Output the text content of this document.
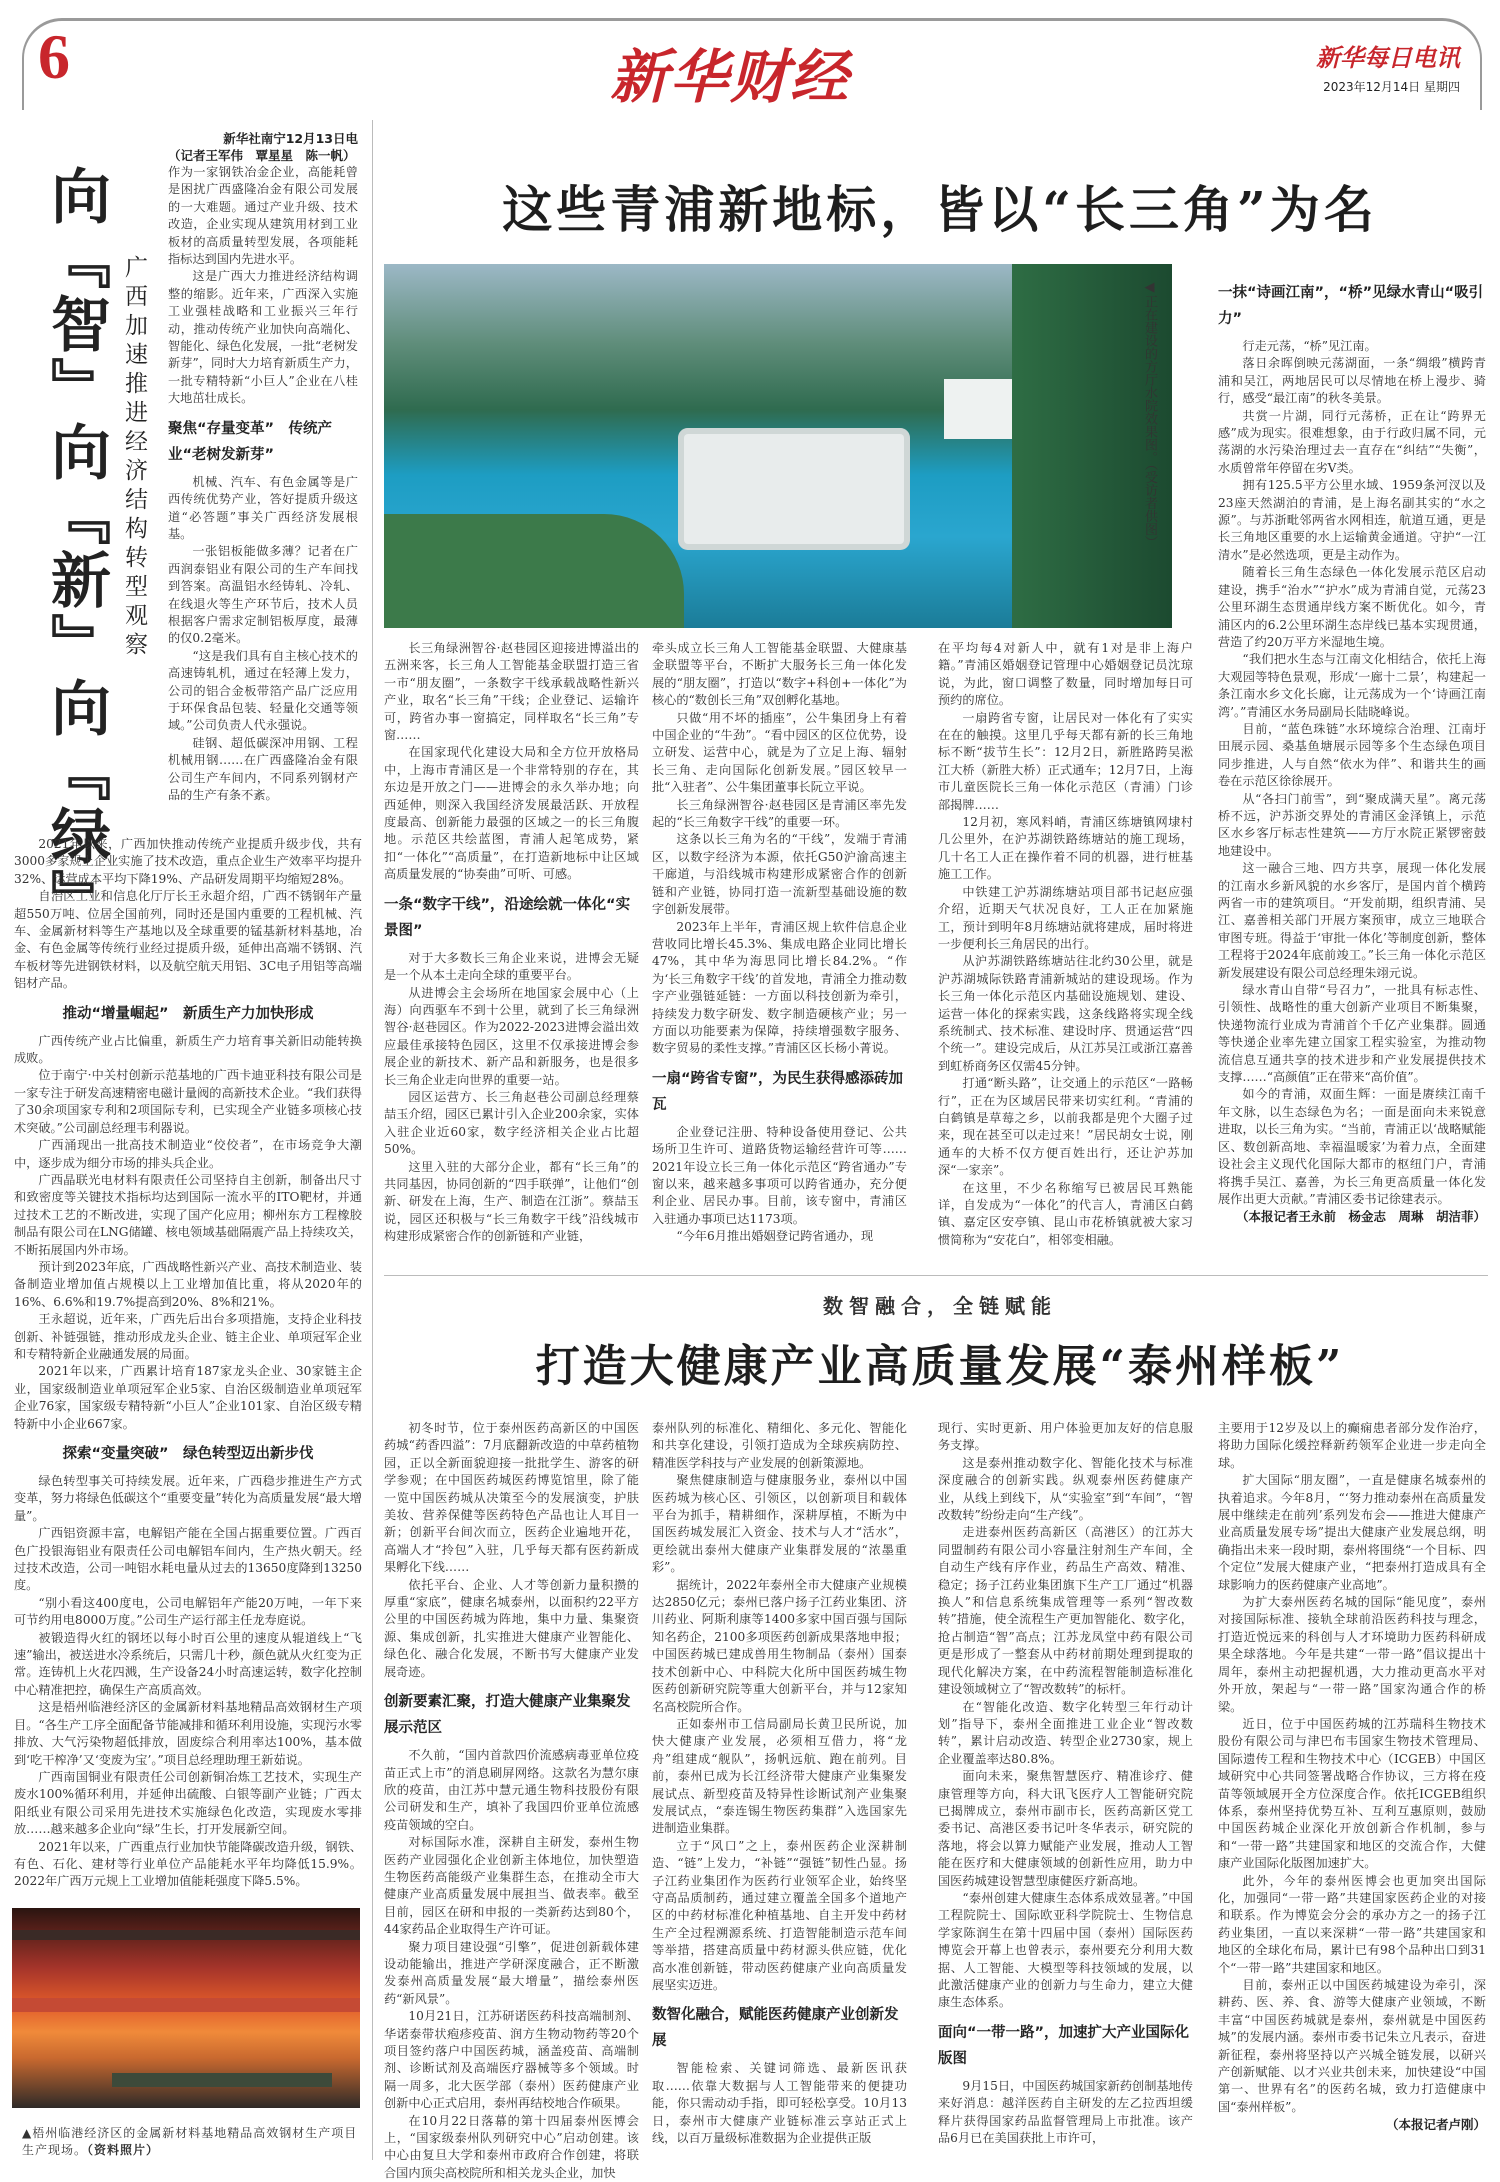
6	新华财经	新华每日电讯
2023年12月14日 星期四
向『智』向『新』向『绿』 广西加速推进经济结构转型观察
新华社南宁12月13日电
（记者王军伟　覃星星　陈一帆）

作为一家钢铁冶金企业，高能耗曾是困扰广西盛隆冶金有限公司发展的一大难题。通过产业升级、技术改造，企业实现从建筑用材到工业板材的高质量转型发展，各项能耗指标达到国内先进水平。

这是广西大力推进经济结构调整的缩影。近年来，广西深入实施工业强桂战略和工业振兴三年行动，推动传统产业加快向高端化、智能化、绿色化发展，一批“老树发新芽”，同时大力培育新质生产力，一批专精特新“小巨人”企业在八桂大地茁壮成长。

聚焦“存量变革”　传统产业“老树发新芽”

机械、汽车、有色金属等是广西传统优势产业，答好提质升级这道“必答题”事关广西经济发展根基。

一张铝板能做多薄？记者在广西润泰铝业有限公司的生产车间找到答案。高温铝水经铸轧、冷轧、在线退火等生产环节后，技术人员根据客户需求定制铝板厚度，最薄的仅0.2毫米。

“这是我们具有自主核心技术的高速铸轧机，通过在轻薄上发力，公司的铝合金板带箔产品广泛应用于环保食品包装、轻量化交通等领域。”公司负责人代永强说。

硅钢、超低碳深冲用钢、工程机械用钢……在广西盛隆冶金有限公司生产车间内，不同系列钢材产品的生产有条不紊。

2021年以来，广西加快推动传统产业提质升级步伐，共有3000多家规上企业实施了技术改造，重点企业生产效率平均提升32%、运营成本平均下降19%、产品研发周期平均缩短28%。

自治区工业和信息化厅厅长王永超介绍，广西不锈钢年产量超550万吨、位居全国前列，同时还是国内重要的工程机械、汽车、金属新材料等生产基地以及全球重要的锰基新材料基地，冶金、有色金属等传统行业经过提质升级，延伸出高端不锈钢、汽车板材等先进钢铁材料，以及航空航天用铝、3C电子用铝等高端铝材产品。

推动“增量崛起”　新质生产力加快形成

广西传统产业占比偏重，新质生产力培育事关新旧动能转换成败。

位于南宁·中关村创新示范基地的广西卡迪亚科技有限公司是一家专注于研发高速精密电磁计量阀的高新技术企业。“我们获得了30余项国家专利和2项国际专利，已实现全产业链多项核心技术突破。”公司副总经理韦利器说。

广西涌现出一批高技术制造业“佼佼者”，在市场竞争大潮中，逐步成为细分市场的排头兵企业。

广西晶联光电材料有限责任公司坚持自主创新，制备出尺寸和致密度等关键技术指标均达到国际一流水平的ITO靶材，并通过技术工艺的不断改进，实现了国产化应用；柳州东方工程橡胶制品有限公司在LNG储罐、核电领域基础隔震产品上持续攻关，不断拓展国内外市场。

预计到2023年底，广西战略性新兴产业、高技术制造业、装备制造业增加值占规模以上工业增加值比重，将从2020年的16%、6.6%和19.7%提高到20%、8%和21%。

王永超说，近年来，广西先后出台多项措施，支持企业科技创新、补链强链，推动形成龙头企业、链主企业、单项冠军企业和专精特新企业融通发展的局面。

2021年以来，广西累计培育187家龙头企业、30家链主企业，国家级制造业单项冠军企业5家、自治区级制造业单项冠军企业76家，国家级专精特新“小巨人”企业101家、自治区级专精特新中小企业667家。

探索“变量突破”　绿色转型迈出新步伐

绿色转型事关可持续发展。近年来，广西稳步推进生产方式变革，努力将绿色低碳这个“重要变量”转化为高质量发展“最大增量”。

广西铝资源丰富，电解铝产能在全国占据重要位置。广西百色广投银海铝业有限责任公司电解铝车间内，生产热火朝天。经过技术改造，公司一吨铝水耗电量从过去的13650度降到13250度。

“别小看这400度电，公司电解铝年产能20万吨，一年下来可节约用电8000万度。”公司生产运行部主任龙寿庭说。

被锻造得火红的钢坯以每小时百公里的速度从辊道线上“飞速”输出，被送进水冷系统后，只需几十秒，颜色就从火红变为正常。连铸机上火花四溅，生产设备24小时高速运转，数字化控制中心精准把控，确保生产高质高效。

这是梧州临港经济区的金属新材料基地精品高效钢材生产项目。“各生产工序全面配备节能减排和循环利用设施，实现污水零排放、大气污染物超低排放，固废综合利用率达100%，基本做到‘吃干榨净’又‘变废为宝’。”项目总经理助理王新茹说。

广西南国铜业有限责任公司创新铜冶炼工艺技术，实现生产废水100%循环利用，并延伸出硫酸、白银等副产业链；广西太阳纸业有限公司采用先进技术实施绿色化改造，实现废水零排放……越来越多企业向“绿”生长，打开发展新空间。

2021年以来，广西重点行业加快节能降碳改造升级，钢铁、有色、石化、建材等行业单位产品能耗水平年均降低15.9%。2022年广西万元规上工业增加值能耗强度下降5.5%。

▲梧州临港经济区的金属新材料基地精品高效钢材生产项目生产现场。（资料照片）
这些青浦新地标，皆以“长三角”为名
◀正在建设的方厅水院效果图。（受访者供图）

长三角绿洲智谷·赵巷园区迎接进博溢出的五洲来客，长三角人工智能基金联盟打造三省一市“朋友圈”，一条数字干线承载战略性新兴产业，取名“长三角”干线；企业登记、运输许可，跨省办事一窗搞定，同样取名“长三角”专窗……

在国家现代化建设大局和全方位开放格局中，上海市青浦区是一个非常特别的存在，其东边是开放之门——进博会的永久举办地；向西延伸，则深入我国经济发展最活跃、开放程度最高、创新能力最强的区域之一的长三角腹地。示范区共绘蓝图，青浦人起笔成势，紧扣“一体化”“高质量”，在打造新地标中让区域高质量发展的“协奏曲”可听、可感。

一条“数字干线”，沿途绘就一体化“实景图”

对于大多数长三角企业来说，进博会无疑是一个从本土走向全球的重要平台。

从进博会主会场所在地国家会展中心（上海）向西驱车不到十公里，就到了长三角绿洲智谷·赵巷园区。作为2022-2023进博会溢出效应最佳承接特色园区，这里不仅承接进博会参展企业的新技术、新产品和新服务，也是很多长三角企业走向世界的重要一站。

园区运营方、长三角赵巷公司副总经理蔡喆玉介绍，园区已累计引入企业200余家，实体入驻企业近60家，数字经济相关企业占比超50%。

这里入驻的大部分企业，都有“长三角”的共同基因，协同创新的“四手联弹”，让他们“创新、研发在上海，生产、制造在江浙”。蔡喆玉说，园区还积极与“长三角数字干线”沿线城市构建形成紧密合作的创新链和产业链，

牵头成立长三角人工智能基金联盟、大健康基金联盟等平台，不断扩大服务长三角一体化发展的“朋友圈”，打造以“数字+科创+一体化”为核心的“数创长三角”双创孵化基地。

只做“用不坏的插座”，公牛集团身上有着中国企业的“牛劲”。“看中园区的区位优势，设立研发、运营中心，就是为了立足上海、辐射长三角、走向国际化创新发展。”园区较早一批“入驻者”、公牛集团董事长阮立平说。

长三角绿洲智谷·赵巷园区是青浦区率先发起的“长三角数字干线”的重要一环。

这条以长三角为名的“干线”，发端于青浦区，以数字经济为本源，依托G50沪渝高速主干廊道，与沿线城市构建形成紧密合作的创新链和产业链，协同打造一流新型基础设施的数字创新发展带。

2023年上半年，青浦区规上软件信息企业营收同比增长45.3%、集成电路企业同比增长47%，其中华为海思同比增长84.2%。“作为‘长三角数字干线’的首发地，青浦全力推动数字产业强链延链：一方面以科技创新为牵引，持续发力数字研发、数字制造硬核产业；另一方面以功能要素为保障，持续增强数字服务、数字贸易的柔性支撑。”青浦区区长杨小菁说。

一扇“跨省专窗”，为民生获得感添砖加瓦

企业登记注册、特种设备使用登记、公共场所卫生许可、道路货物运输经营许可等……2021年设立长三角一体化示范区“跨省通办”专窗以来，越来越多事项可以跨省通办，充分便利企业、居民办事。目前，该专窗中，青浦区入驻通办事项已达1173项。

“今年6月推出婚姻登记跨省通办，现

在平均每4对新人中，就有1对是非上海户籍。”青浦区婚姻登记管理中心婚姻登记员沈琼说，为此，窗口调整了数量，同时增加每日可预约的席位。

一扇跨省专窗，让居民对一体化有了实实在在的触摸。这里几乎每天都有新的长三角地标不断“拔节生长”：12月2日，新胜路跨吴淞江大桥（新胜大桥）正式通车；12月7日，上海市儿童医院长三角一体化示范区（青浦）门诊部揭牌……

12月初，寒风料峭，青浦区练塘镇网埭村几公里外，在沪苏湖铁路练塘站的施工现场，几十名工人正在操作着不同的机器，进行桩基施工工作。

中铁建工沪苏湖练塘站项目部书记赵应强介绍，近期天气状况良好，工人正在加紧施工，预计到明年8月练塘站就将建成，届时将进一步便利长三角居民的出行。

从沪苏湖铁路练塘站往北约30公里，就是沪苏湖城际铁路青浦新城站的建设现场。作为长三角一体化示范区内基础设施规划、建设、运营一体化的探索实践，这条线路将实现全线系统制式、技术标准、建设时序、贯通运营“四个统一”。建设完成后，从江苏吴江或浙江嘉善到虹桥商务区仅需45分钟。

打通“断头路”，让交通上的示范区“一路畅行”，正在为区域居民带来切实红利。“青浦的白鹤镇是草莓之乡，以前我都是兜个大圈子过来，现在甚至可以走过来！”居民胡女士说，刚通车的大桥不仅方便百姓出行，还让沪苏加深“一家亲”。

在这里，不少名称缩写已被居民耳熟能详，自发成为“一体化”的代言人，青浦区白鹤镇、嘉定区安亭镇、昆山市花桥镇就被大家习惯简称为“安花白”，相邻变相融。

一抹“诗画江南”，“桥”见绿水青山“吸引力”

行走元荡，“桥”见江南。

落日余晖倒映元荡湖面，一条“绸缎”横跨青浦和吴江，两地居民可以尽情地在桥上漫步、骑行，感受“最江南”的秋冬美景。

共赏一片湖，同行元荡桥，正在让“跨界无感”成为现实。很难想象，由于行政归属不同，元荡湖的水污染治理过去一直存在“纠结”“失衡”，水质曾常年停留在劣V类。

拥有125.5平方公里水域、1959条河汊以及23座天然湖泊的青浦，是上海名副其实的“水之源”。与苏浙毗邻两省水网相连，航道互通，更是长三角地区重要的水上运输黄金通道。守护“一江清水”是必然选项，更是主动作为。

随着长三角生态绿色一体化发展示范区启动建设，携手“治水”“护水”成为青浦自觉，元荡23公里环湖生态贯通岸线方案不断优化。如今，青浦区内的6.2公里环湖生态岸线已基本实现贯通，营造了约20万平方米湿地生境。

“我们把水生态与江南文化相结合，依托上海大观园等特色景观，形成‘一廊十二景’，构建起一条江南水乡文化长廊，让元荡成为一个‘诗画江南湾’。”青浦区水务局副局长陆晓峰说。

目前，“蓝色珠链”水环境综合治理、江南圩田展示园、桑基鱼塘展示园等多个生态绿色项目同步推进，人与自然“依水为伴”、和谐共生的画卷在示范区徐徐展开。

从“各扫门前雪”，到“聚成满天星”。离元荡桥不远，沪苏浙交界处的青浦区金泽镇上，示范区水乡客厅标志性建筑——方厅水院正紧锣密鼓地建设中。

这一融合三地、四方共享，展现一体化发展的江南水乡新风貌的水乡客厅，是国内首个横跨两省一市的建筑项目。“开发前期，组织青浦、吴江、嘉善相关部门开展方案预审，成立三地联合审图专班。得益于‘审批一体化’等制度创新，整体工程将于2024年底前竣工。”长三角一体化示范区新发展建设有限公司总经理朱翊元说。

绿水青山自带“号召力”，一批具有标志性、引领性、战略性的重大创新产业项目不断集聚，快递物流行业成为青浦首个千亿产业集群。圆通等快递企业率先建立国家工程实验室，为推动物流信息互通共享的技术进步和产业发展提供技术支撑……“高颜值”正在带来“高价值”。

如今的青浦，双面生辉：一面是赓续江南千年文脉，以生态绿色为名；一面是面向未来锐意进取，以长三角为实。“当前，青浦正以‘战略赋能区、数创新高地、幸福温暖家’为着力点，全面建设社会主义现代化国际大都市的枢纽门户，青浦将携手吴江、嘉善，为长三角更高质量一体化发展作出更大贡献。”青浦区委书记徐建表示。

（本报记者王永前　杨金志　周琳　胡洁菲）
数智融合，全链赋能
打造大健康产业高质量发展“泰州样板”

初冬时节，位于泰州医药高新区的中国医药城“药香四溢”：7月底翻新改造的中草药植物园，正以全新面貌迎接一批批学生、游客的研学参观；在中国医药城医药博览馆里，除了能一览中国医药城从决策至今的发展演变，护肤美妆、营养保健等医药特色产品也让人耳目一新；创新平台间次而立，医药企业遍地开花，高端人才“拎包”入驻，几乎每天都有医药新成果孵化下线……

依托平台、企业、人才等创新力量积攒的厚重“家底”，健康名城泰州，以面积约22平方公里的中国医药城为阵地，集中力量、集聚资源、集成创新，扎实推进大健康产业智能化、绿色化、融合化发展，不断书写大健康产业发展奇迹。

创新要素汇聚，打造大健康产业集聚发展示范区

不久前，“国内首款四价流感病毒亚单位疫苗正式上市”的消息刷屏网络。这款名为慧尔康欣的疫苗，由江苏中慧元通生物科技股份有限公司研发和生产，填补了我国四价亚单位流感疫苗领域的空白。

对标国际水准，深耕自主研发，泰州生物医药产业园强化企业创新主体地位，加快塑造生物医药高能级产业集群生态，在推动全市大健康产业高质量发展中展担当、做表率。截至目前，园区在研和申报的一类新药达到80个，44家药品企业取得生产许可证。

聚力项目建设强“引擎”，促进创新载体建设动能输出，推进产学研深度融合，正不断激发泰州高质量发展“最大增量”，描绘泰州医药“新风景”。

10月21日，江苏研诺医药科技高端制剂、华诺泰带状疱疹疫苗、润方生物动物药等20个项目签约落户中国医药城，涵盖疫苗、高端制剂、诊断试剂及高端医疗器械等多个领域。时隔一周多，北大医学部（泰州）医药健康产业创新中心正式启用，泰州再结校地合作硕果。

在10月22日落幕的第十四届泰州医博会上，“国家级泰州队列研究中心”启动创建。该中心由复旦大学和泰州市政府合作创建，将联合国内顶尖高校院所和相关龙头企业，加快

泰州队列的标准化、精细化、多元化、智能化和共享化建设，引领打造成为全球疾病防控、精准医学科技与产业发展的创新策源地。

聚焦健康制造与健康服务业，泰州以中国医药城为核心区、引领区，以创新项目和载体平台为抓手，精耕细作，深耕厚植，不断为中国医药城发展汇入资金、技术与人才“活水”，更绘就出泰州大健康产业集群发展的“浓墨重彩”。

据统计，2022年泰州全市大健康产业规模达2850亿元；泰州已落户扬子江药业集团、济川药业、阿斯利康等1400多家中国百强与国际知名药企，2100多项医药创新成果落地申报；中国医药城已建成兽用生物制品（泰州）国泰技术创新中心、中科院大化所中国医药城生物医药创新研究院等重大创新平台，并与12家知名高校院所合作。

正如泰州市工信局副局长黄卫民所说，加快大健康产业发展，必须相互借力，将“龙舟”组建成“舰队”，扬帆远航、跑在前列。目前，泰州已成为长江经济带大健康产业集聚发展试点、新型疫苗及特异性诊断试剂产业集聚发展试点，“泰连锡生物医药集群”入选国家先进制造业集群。

立于“风口”之上，泰州医药企业深耕制造、“链”上发力，“补链”“强链”韧性凸显。扬子江药业集团作为医药行业领军企业，始终坚守高品质制药，通过建立覆盖全国多个道地产区的中药材标准化种植基地、自主开发中药材生产全过程溯源系统、打造智能制造示范车间等举措，搭建高质量中药材源头供应链，优化高水准创新链，带动医药健康产业向高质量发展坚实迈进。

数智化融合，赋能医药健康产业创新发展

智能检索、关键词筛选、最新医讯获取……依靠大数据与人工智能带来的便捷功能，你只需动动手指，即可轻松享受。10月13日，泰州市大健康产业链标准云享站正式上线，以百万量级标准数据为企业提供正版

现行、实时更新、用户体验更加友好的信息服务支撑。

这是泰州推动数字化、智能化技术与标准深度融合的创新实践。纵观泰州医药健康产业，从线上到线下，从“实验室”到“车间”，“智改数转”纷纷走向“生产线”。

走进泰州医药高新区（高港区）的江苏大同盟制药有限公司小容量注射剂生产车间，全自动生产线有序作业，药品生产高效、精准、稳定；扬子江药业集团旗下生产工厂通过“机器换人”和信息系统集成管理等一系列“智改数转”措施，使全流程生产更加智能化、数字化，抢占制造“智”高点；江苏龙凤堂中药有限公司更是形成了一整套从中药材前期处理到提取的现代化解决方案，在中药流程智能制造标准化建设领域树立了“智改数转”的标杆。

在“智能化改造、数字化转型三年行动计划”指导下，泰州全面推进工业企业“智改数转”，累计启动改造、转型企业2730家，规上企业覆盖率达80.8%。

面向未来，聚焦智慧医疗、精准诊疗、健康管理等方向，科大讯飞医疗人工智能研究院已揭牌成立，泰州市副市长，医药高新区党工委书记、高港区委书记叶冬华表示，研究院的落地，将会以算力赋能产业发展，推动人工智能在医疗和大健康领域的创新性应用，助力中国医药城建设智慧型康健医疗新高地。

“泰州创建大健康生态体系成效显著。”中国工程院院士、国际欧亚科学院院士、生物信息学家陈润生在第十四届中国（泰州）国际医药博览会开幕上也曾表示，泰州要充分利用大数据、人工智能、大模型等科技领域的发展，以此激活健康产业的创新力与生命力，建立大健康生态体系。

面向“一带一路”，加速扩大产业国际化版图

9月15日，中国医药城国家新药创制基地传来好消息：越洋医药自主研发的左乙拉西坦缓释片获得国家药品监督管理局上市批准。该产品6月已在美国获批上市许可，

主要用于12岁及以上的癫痫患者部分发作治疗，将助力国际化缓控释新药领军企业进一步走向全球。

扩大国际“朋友圈”，一直是健康名城泰州的执着追求。今年8月，“‘努力推动泰州在高质量发展中继续走在前列’系列发布会——推进大健康产业高质量发展专场”提出大健康产业发展总纲，明确指出未来一段时期，泰州将围绕“一个目标、四个定位”发展大健康产业，“把泰州打造成具有全球影响力的医药健康产业高地”。

为扩大泰州医药名城的国际“能见度”，泰州对接国际标准、接轨全球前沿医药科技与理念，打造近悦远来的科创与人才环境助力医药科研成果全球落地。今年是共建“一带一路”倡议提出十周年，泰州主动把握机遇，大力推动更高水平对外开放，架起与“一带一路”国家沟通合作的桥梁。

近日，位于中国医药城的江苏瑞科生物技术股份有限公司与津巴布韦国家生物技术管理局、国际遗传工程和生物技术中心（ICGEB）中国区域研究中心共同签署战略合作协议，三方将在疫苗等领域展开全方位深度合作。依托ICGEB组织体系，泰州坚持优势互补、互利互惠原则，鼓励中国医药城企业深化开放创新合作机制，参与和“一带一路”共建国家和地区的交流合作，大健康产业国际化版图加速扩大。

此外，今年的泰州医博会也更加突出国际化，加强同“一带一路”共建国家医药企业的对接和联系。作为博览会分会的承办方之一的扬子江药业集团，一直以来深耕“一带一路”共建国家和地区的全球化布局，累计已有98个品种出口到31个“一带一路”共建国家和地区。

目前，泰州正以中国医药城建设为牵引，深耕药、医、养、食、游等大健康产业领域，不断丰富“中国医药城就是泰州，泰州就是中国医药城”的发展内涵。泰州市委书记朱立凡表示，奋进新征程，泰州将坚持以产兴城全链发展，以研兴产创新赋能、以才兴业共创未来，加快建设“中国第一、世界有名”的医药名城，致力打造健康中国“泰州样板”。

（本报记者卢刚）
